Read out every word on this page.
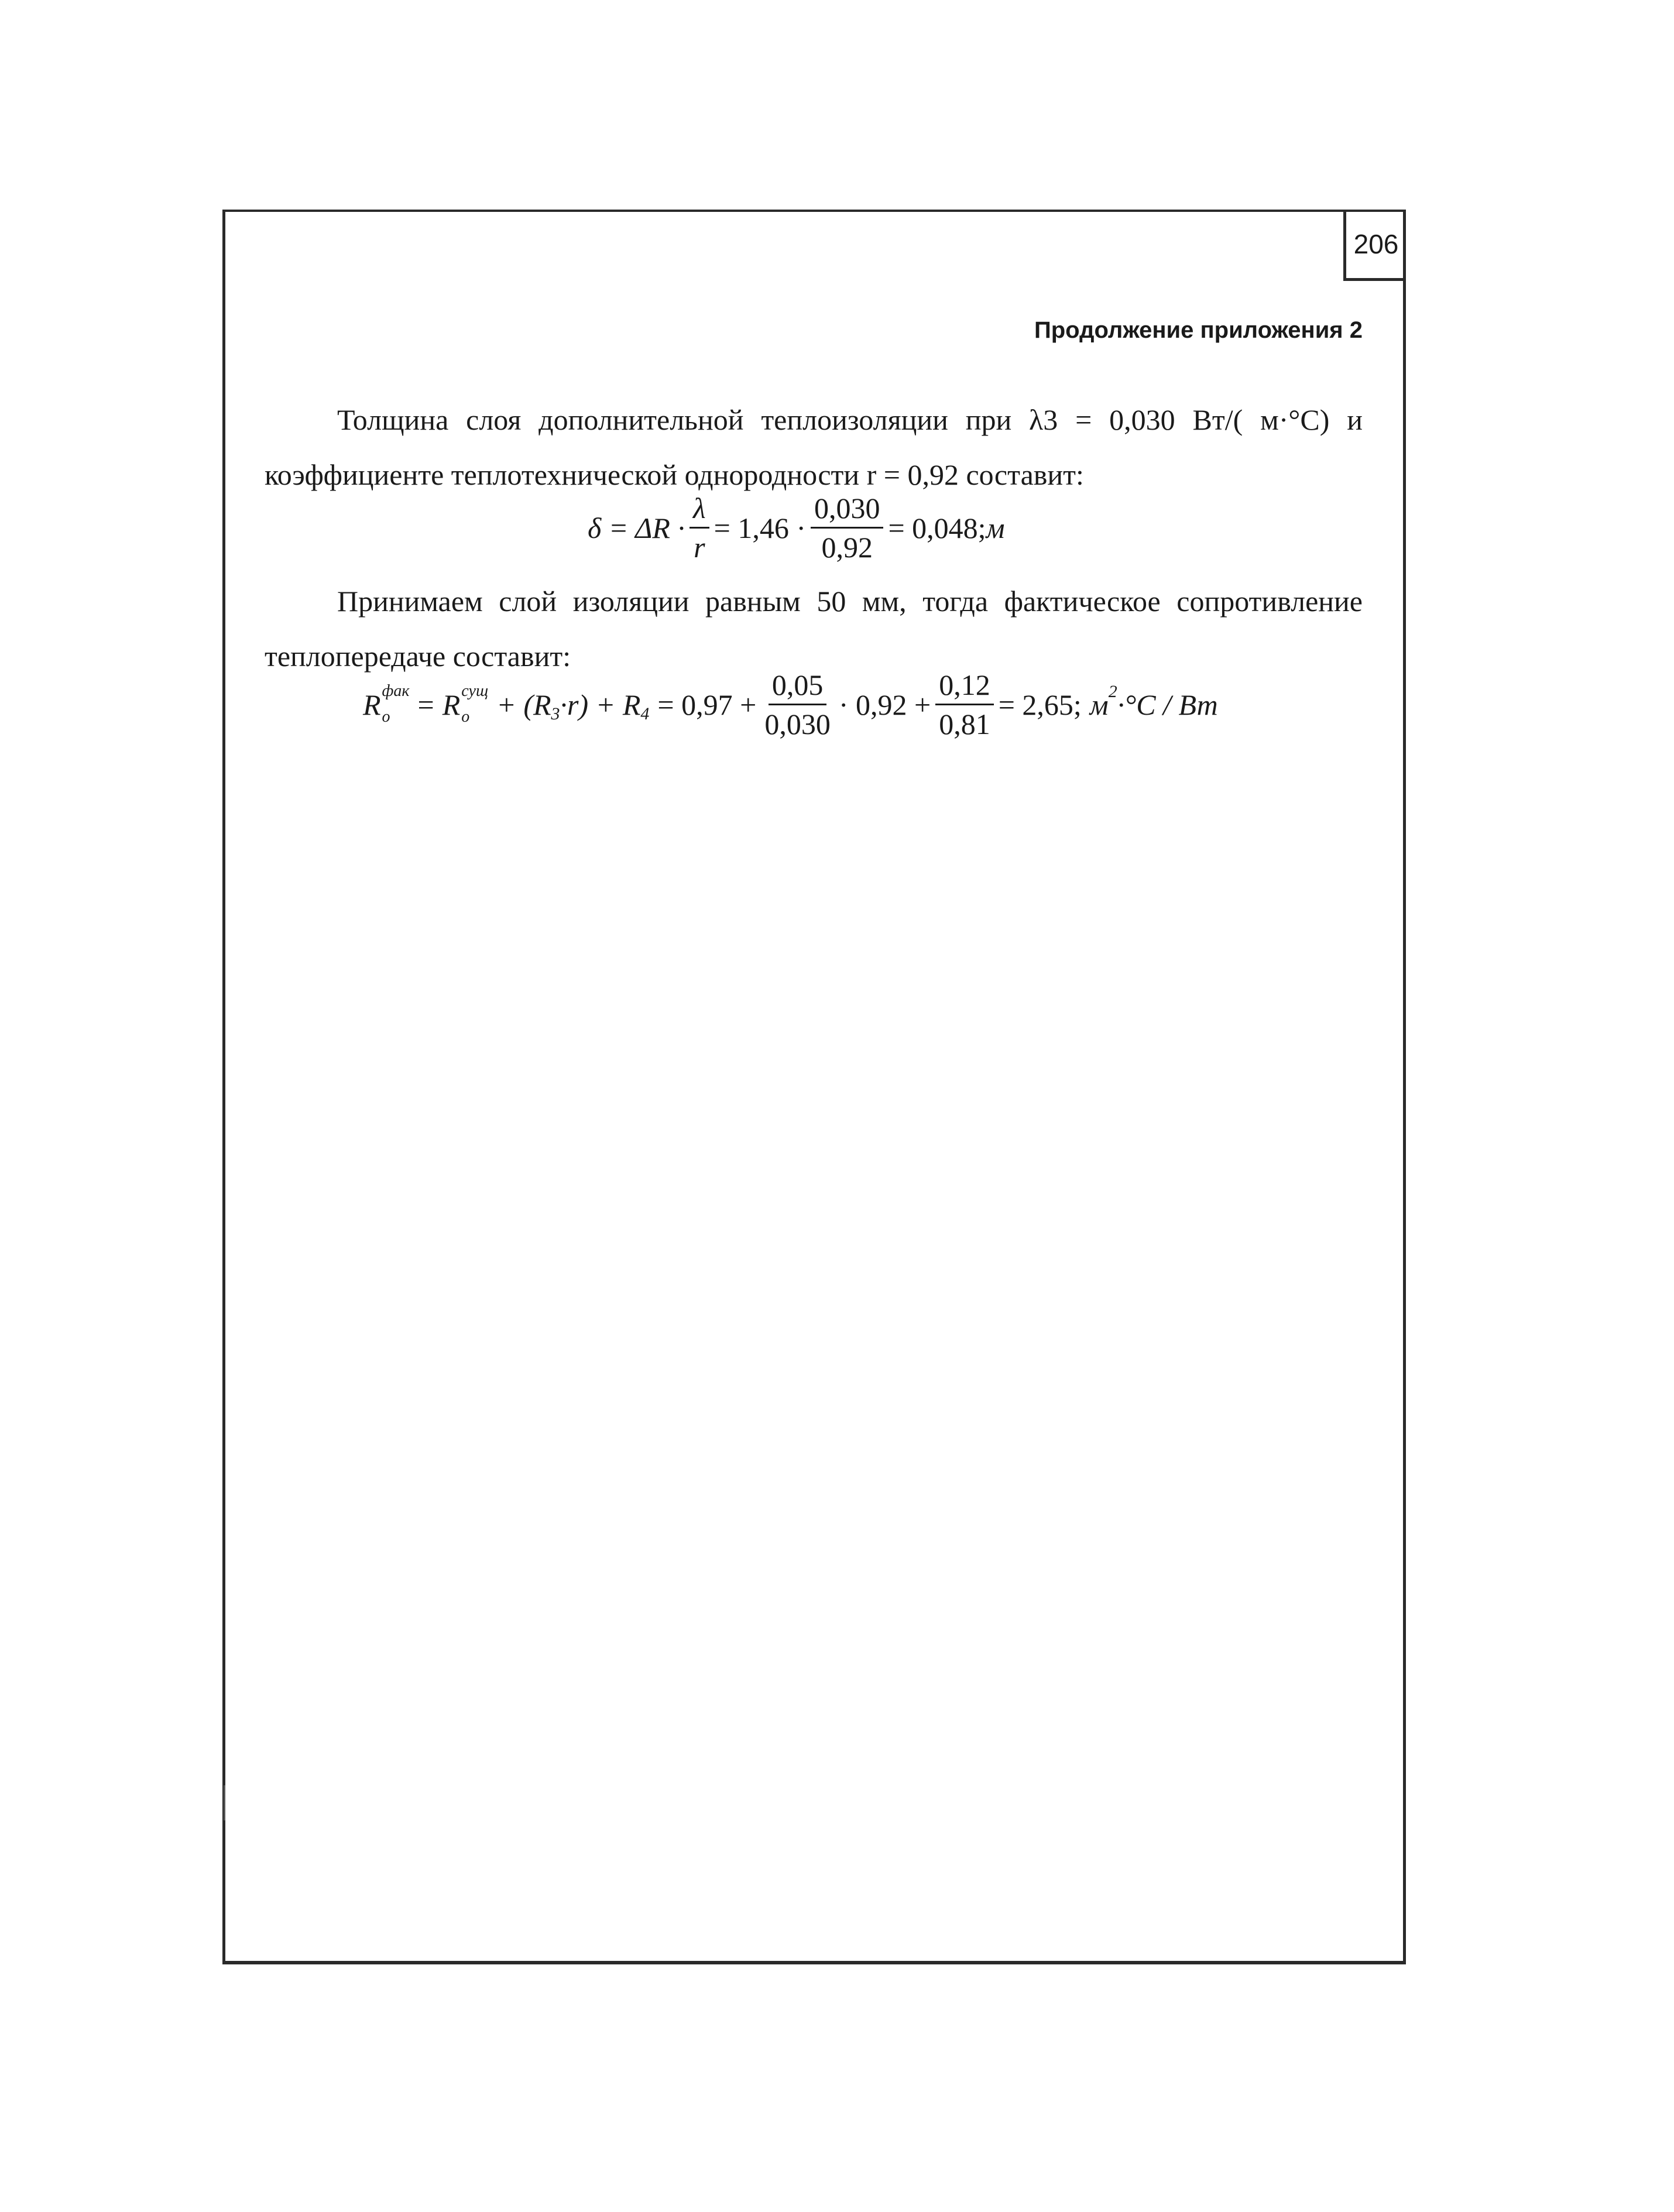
206
Продолжение приложения 2
Толщина слоя дополнительной теплоизоляции при λ3 = 0,030 Вт/( м·°С) и коэффициенте теплотехнической однородности r = 0,92 составит:
$\delta = \Delta R \cdot \frac{\lambda}{r} = 1,46 \cdot \frac{0,030}{0,92} = 0,048$; м
Принимаем слой изоляции равным 50 мм, тогда фактическое сопротивление теплопередаче составит:
R фак
о = R сущ
о + (R 3 ·r) + R $4 = 0,97 + \frac{0,05}{0,030} \cdot 0,92 + \frac{0,12}{0,81} = 2,65$; м 2 ·°C / Вт
